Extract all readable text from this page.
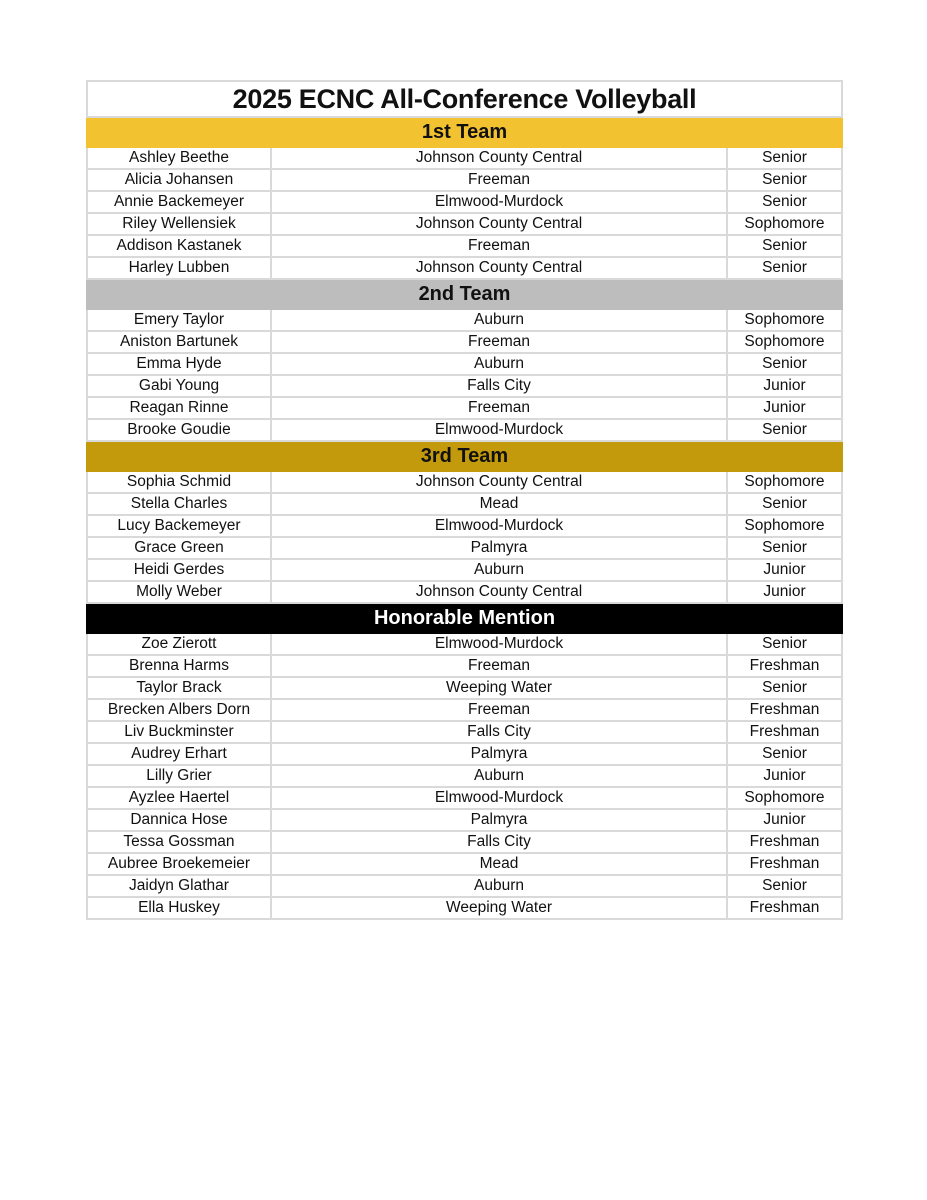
2025 ECNC All-Conference Volleyball		
1st Team		
Ashley Beethe	Johnson County Central	Senior
Alicia Johansen	Freeman	Senior
Annie Backemeyer	Elmwood-Murdock	Senior
Riley Wellensiek	Johnson County Central	Sophomore
Addison Kastanek	Freeman	Senior
Harley Lubben	Johnson County Central	Senior
2nd Team		
Emery Taylor	Auburn	Sophomore
Aniston Bartunek	Freeman	Sophomore
Emma Hyde	Auburn	Senior
Gabi Young	Falls City	Junior
Reagan Rinne	Freeman	Junior
Brooke Goudie	Elmwood-Murdock	Senior
3rd Team		
Sophia Schmid	Johnson County Central	Sophomore
Stella Charles	Mead	Senior
Lucy Backemeyer	Elmwood-Murdock	Sophomore
Grace Green	Palmyra	Senior
Heidi Gerdes	Auburn	Junior
Molly Weber	Johnson County Central	Junior
Honorable Mention		
Zoe Zierott	Elmwood-Murdock	Senior
Brenna Harms	Freeman	Freshman
Taylor Brack	Weeping Water	Senior
Brecken Albers Dorn	Freeman	Freshman
Liv Buckminster	Falls City	Freshman
Audrey Erhart	Palmyra	Senior
Lilly Grier	Auburn	Junior
Ayzlee Haertel	Elmwood-Murdock	Sophomore
Dannica Hose	Palmyra	Junior
Tessa Gossman	Falls City	Freshman
Aubree Broekemeier	Mead	Freshman
Jaidyn Glathar	Auburn	Senior
Ella Huskey	Weeping Water	Freshman
